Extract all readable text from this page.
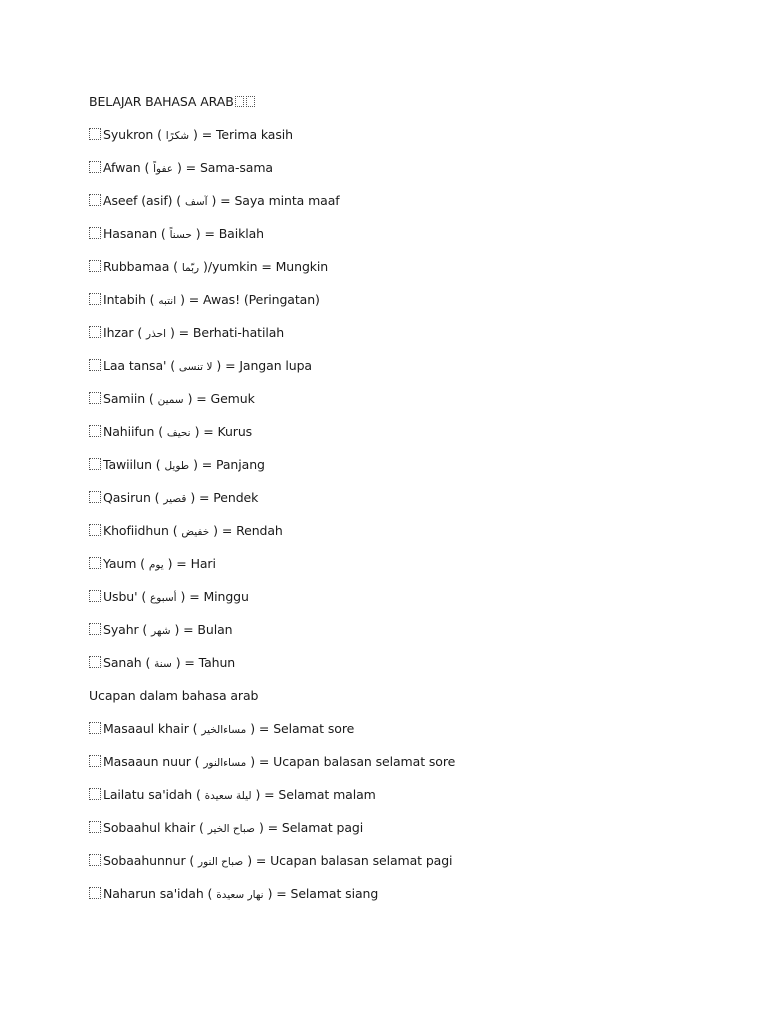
BELAJAR BAHASA ARAB
Syukron ( شكرًا ) = Terima kasih
Afwan ( عفواً ) = Sama-sama
Aseef (asif) ( آسف ) = Saya minta maaf
Hasanan ( حسناً ) = Baiklah
Rubbamaa ( ربّما )/yumkin = Mungkin
Intabih ( انتبه ) = Awas! (Peringatan)
Ihzar ( احذر ) = Berhati-hatilah
Laa tansa' ( لا تنسى ) = Jangan lupa
Samiin ( سمين ) = Gemuk
Nahiifun ( نحيف ) = Kurus
Tawiilun ( طويل ) = Panjang
Qasirun ( قصير ) = Pendek
Khofiidhun ( خفيض ) = Rendah
Yaum ( يوم ) = Hari
Usbu' ( أسبوع ) = Minggu
Syahr ( شهر ) = Bulan
Sanah ( سنة ) = Tahun
Ucapan dalam bahasa arab
Masaaul khair ( مساءالخير ) = Selamat sore
Masaaun nuur ( مساءالنور ) = Ucapan balasan selamat sore
Lailatu sa'idah ( ليلة سعيدة ) = Selamat malam
Sobaahul khair ( صباح الخير ) = Selamat pagi
Sobaahunnur ( صباح النور ) = Ucapan balasan selamat pagi
Naharun sa'idah ( نهار سعيدة ) = Selamat siang
